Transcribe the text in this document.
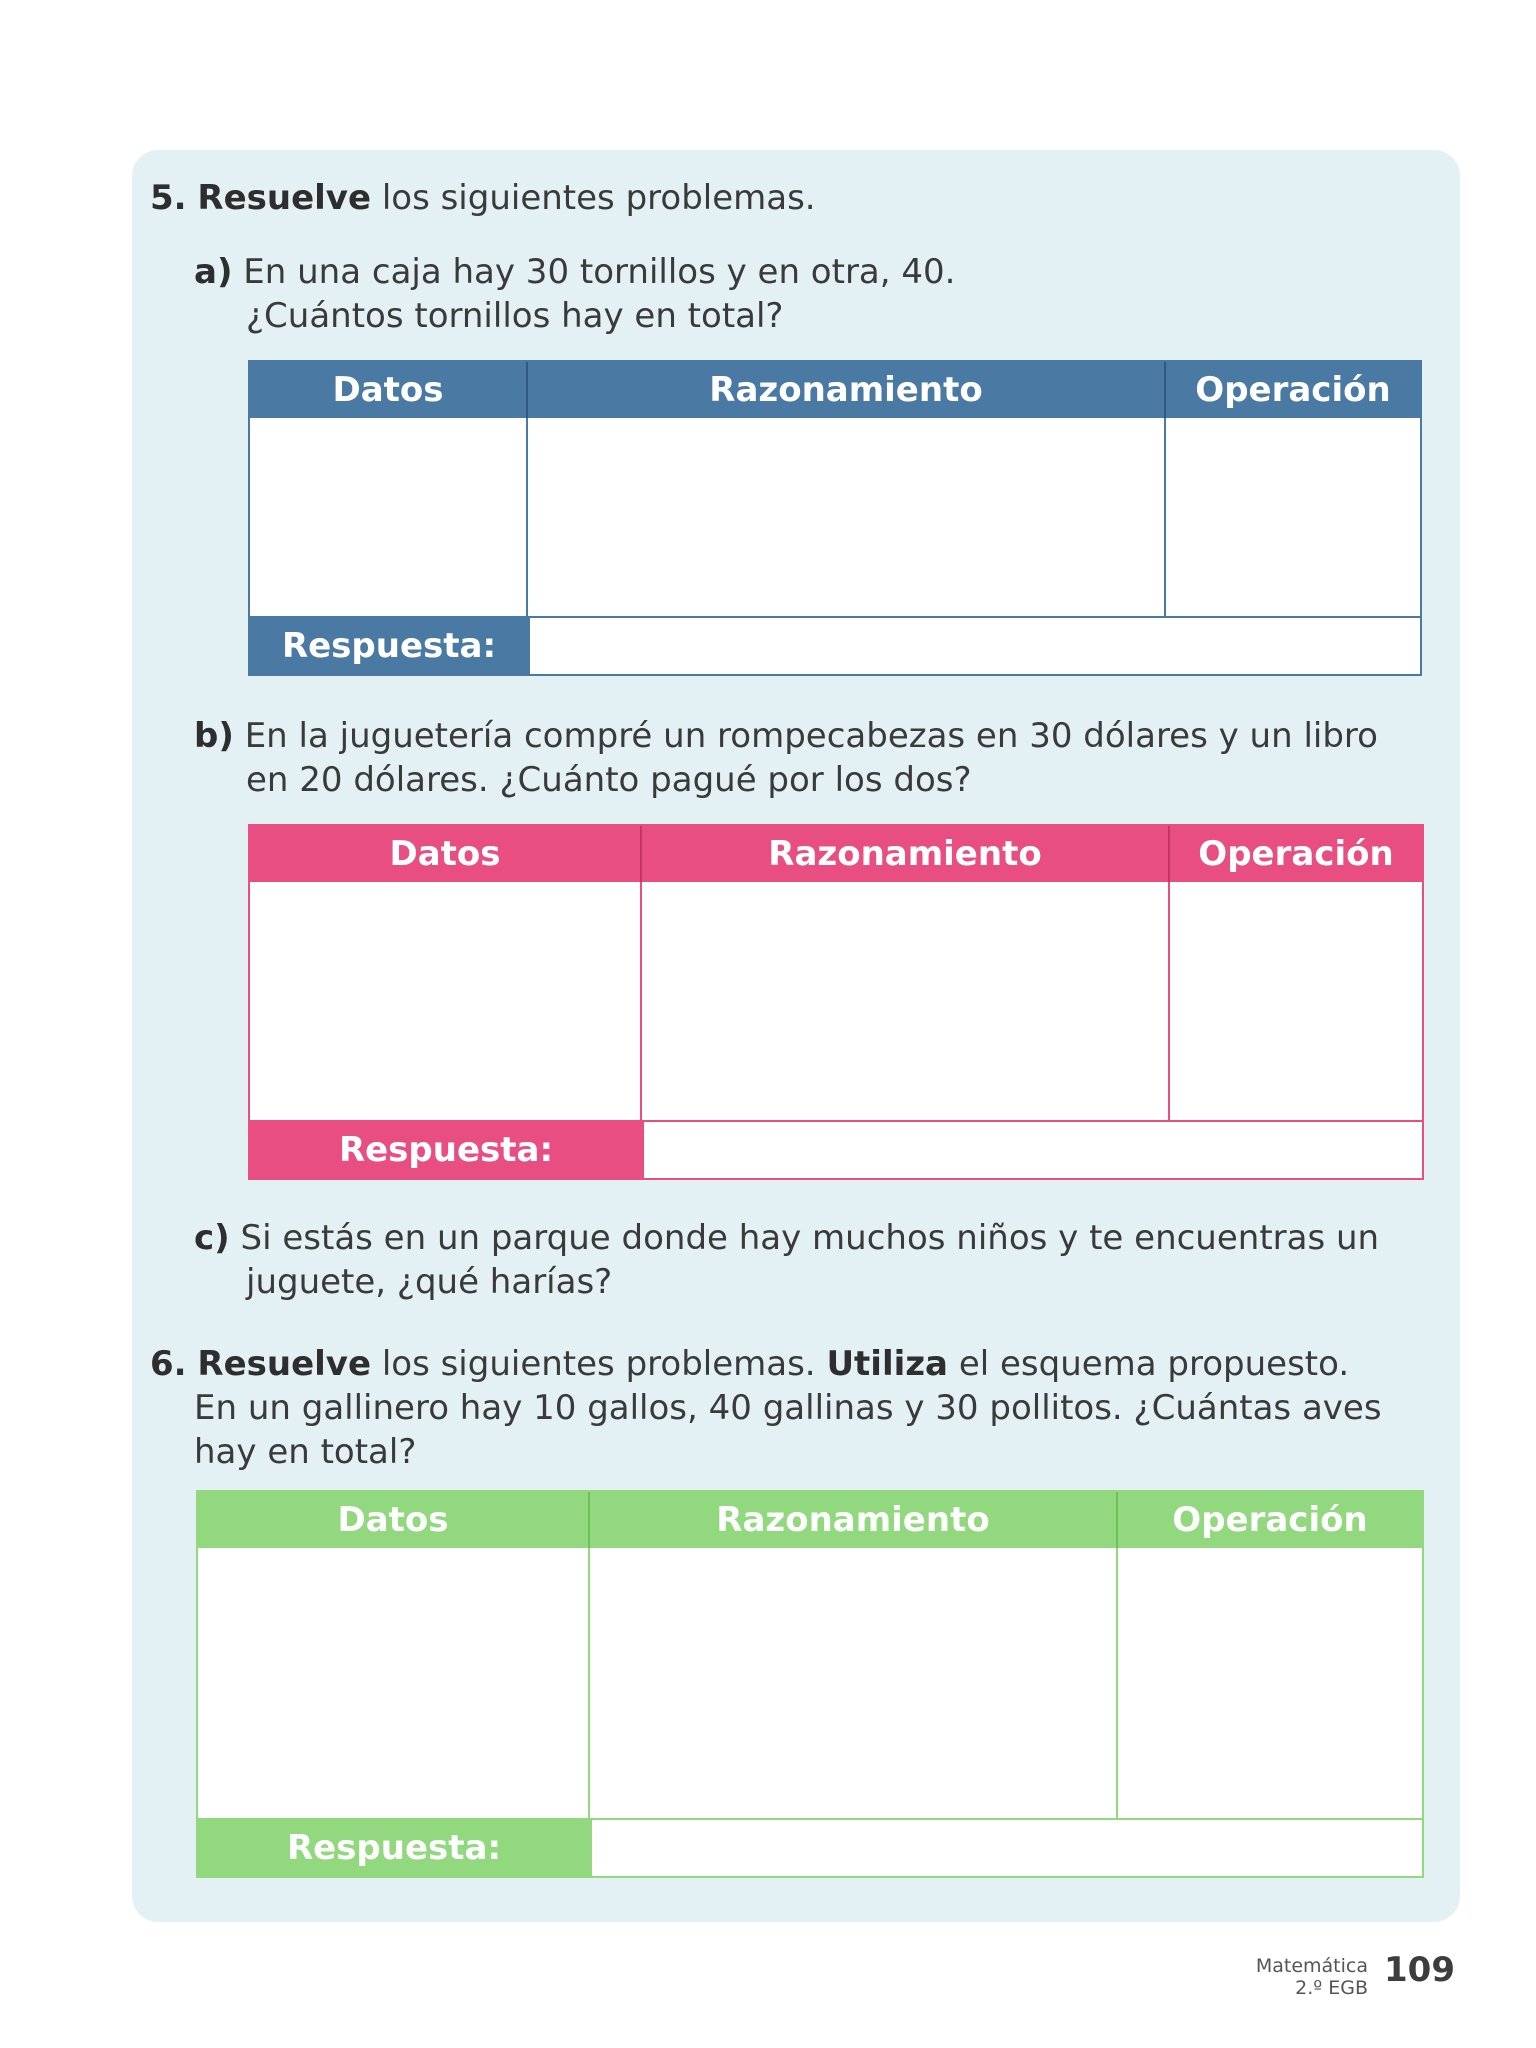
5. Resuelve los siguientes problemas.
a) En una caja hay 30 tornillos y en otra, 40.
¿Cuántos tornillos hay en total?
Datos	Razonamiento	Operación
Respuesta:
b) En la juguetería compré un rompecabezas en 30 dólares y un libro
en 20 dólares. ¿Cuánto pagué por los dos?
Datos	Razonamiento	Operación
Respuesta:
c) Si estás en un parque donde hay muchos niños y te encuentras un
juguete, ¿qué harías?
6. Resuelve los siguientes problemas. Utiliza el esquema propuesto.
En un gallinero hay 10 gallos, 40 gallinas y 30 pollitos. ¿Cuántas aves
hay en total?
Datos	Razonamiento	Operación
Respuesta:
Matemática
2.º EGB 109
